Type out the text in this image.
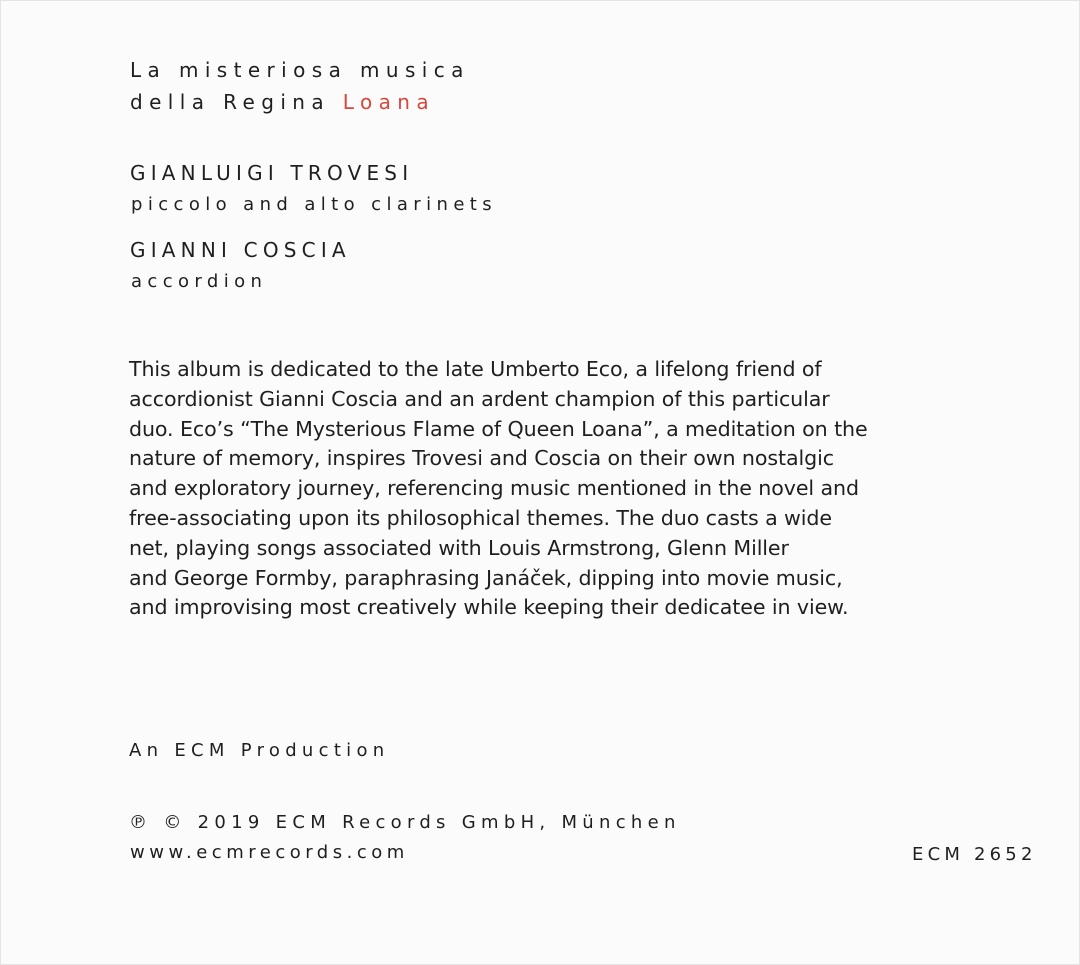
La misteriosa musica
della Regina Loana
GIANLUIGI TROVESI
piccolo and alto clarinets
GIANNI COSCIA
accordion

This album is dedicated to the late Umberto Eco, a lifelong friend of
accordionist Gianni Coscia and an ardent champion of this particular
duo. Eco’s “The Mysterious Flame of Queen Loana”, a meditation on the
nature of memory, inspires Trovesi and Coscia on their own nostalgic
and exploratory journey, referencing music mentioned in the novel and
free-associating upon its philosophical themes. The duo casts a wide
net, playing songs associated with Louis Armstrong, Glenn Miller
and George Formby, paraphrasing Janáček, dipping into movie music,
and improvising most creatively while keeping their dedicatee in view.

An ECM Production
℗ © 2019 ECM Records GmbH, München
www.ecmrecords.com	ECM 2652
